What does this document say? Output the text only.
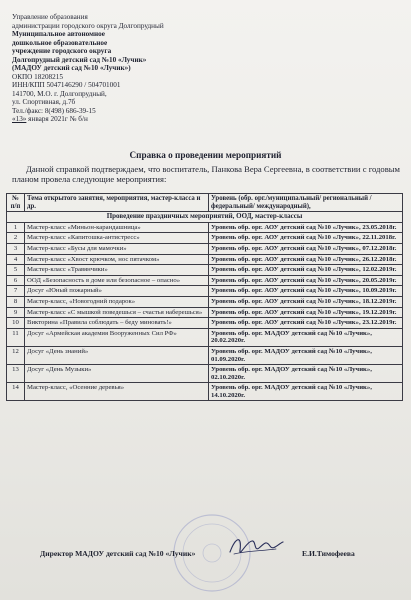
Управление образования
администрации городского округа Долгопрудный
Муниципальное автономное
дошкольное образовательное
учреждение городского округа
Долгопрудный детский сад №10 «Лучик»
(МАДОУ детский сад №10 «Лучик»)
ОКПО 18208215
ИНН/КПП 5047146290 / 504701001
141700, М.О. г. Долгопрудный,
ул. Спортивная, д.7б
Тел./факс: 8(498) 686-39-15
«13» января 2021г № б/н
Справка о проведении мероприятий
Данной справкой подтверждаем, что воспитатель, Панкова Вера Сергеевна, в соответствии с годовым планом провела следующие мероприятия:
№ п/п	Тема открытого занятия, мероприятия, мастер-класса и др.	Уровень (обр. орг./муниципальный/ региональный / федеральный/ международный),
Проведение праздничных мероприятий, ООД, мастер-классы		
1	Мастер-класс «Миньон-карандашница»	Уровень обр. орг. АОУ детский сад №10 «Лучик», 23.05.2018г.
2	Мастер-класс «Капитошка-антистресс»	Уровень обр. орг. АОУ детский сад №10 «Лучик», 22.11.2018г.
3	Мастер-класс «Бусы для мамочки»	Уровень обр. орг. АОУ детский сад №10 «Лучик», 07.12.2018г.
4	Мастер-класс «Хвост крючком, нос пятачком»	Уровень обр. орг. АОУ детский сад №10 «Лучик», 26.12.2018г.
5	Мастер-класс «Травянчики»	Уровень обр. орг. АОУ детский сад №10 «Лучик», 12.02.2019г.
6	ООД «Безопасность в доме или безопасное – опасно»	Уровень обр. орг. АОУ детский сад №10 «Лучик», 20.05.2019г.
7	Досуг «Юный пожарный»	Уровень обр. орг. АОУ детский сад №10 «Лучик», 10.09.2019г.
8	Мастер-класс, «Новогодний подарок»	Уровень обр. орг. АОУ детский сад №10 «Лучик», 18.12.2019г.
9	Мастер-класс «С мышкой поведешься – счастья наберешься»	Уровень обр. орг. АОУ детский сад №10 «Лучик», 19.12.2019г.
10	Викторина «Правила соблюдать – беду миновать!»	Уровень обр. орг. АОУ детский сад №10 «Лучик», 23.12.2019г.
11	Досуг «Армейская академия Вооруженных Сил РФ»	Уровень обр. орг. МАДОУ детский сад №10 «Лучик», 20.02.2020г.
12	Досуг «День знаний»	Уровень обр. орг. МАДОУ детский сад №10 «Лучик», 01.09.2020г.
13	Досуг «День Музыки»	Уровень обр. орг. МАДОУ детский сад №10 «Лучик», 02.10.2020г.
14	Мастер-класс, «Осенние деревья»	Уровень обр. орг. МАДОУ детский сад №10 «Лучик», 14.10.2020г.
Директор МАДОУ детский сад №10 «Лучик»	Е.И.Тимофеева
